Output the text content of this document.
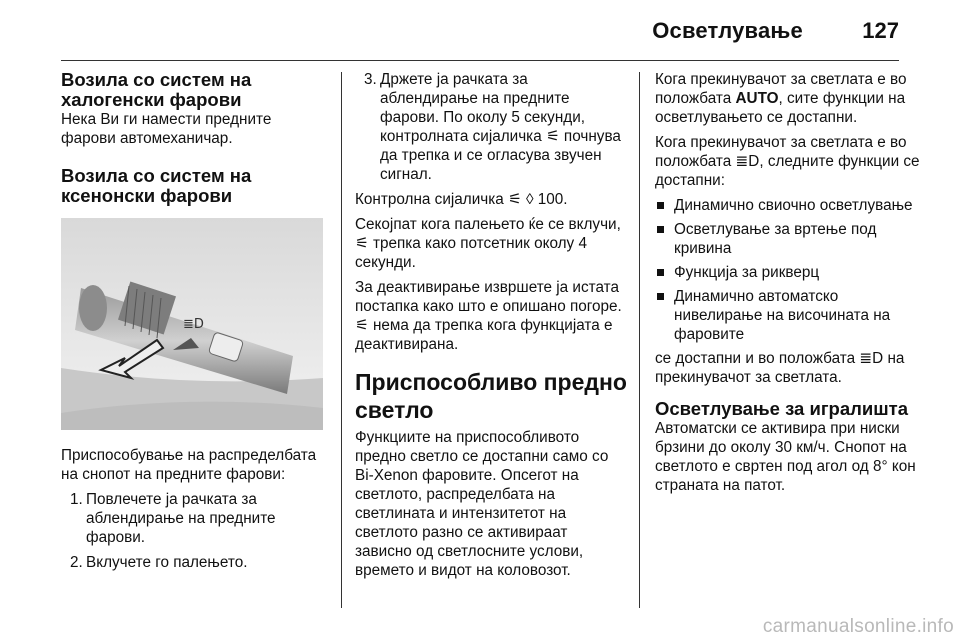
Осветлување	127
Возила со систем на халогенски фарови

Нека Ви ги намести предните фарови автомеханичар.

Возила со систем на ксенонски фарови
≣D

Приспособување на распределбата на снопот на предните фарови:

1. Повлечете ја рачката за аблендирање на предните фарови.
2. Вклучете го палењето.
3. Држете ја рачката за аблендирање на предните фарови. По околу 5 секунди, контролната сијаличка ⚟ почнува да трепка и се огласува звучен сигнал.

Контролна сијаличка ⚟ ◊ 100.

Секојпат кога палењето ќе се вклучи, ⚟ трепка како потсетник околу 4 секунди.

За деактивирање извршете ја истата постапка како што е опишано погоре. ⚟ нема да трепка кога функцијата е деактивирана.

Приспособливо предно светло

Функциите на приспособливото предно светло се достапни само со Bi-Xenon фаровите. Опсегот на светлото, распределбата на светлината и интензитетот на светлото разно се активираат зависно од светлосните услови, времето и видот на коловозот.

Кога прекинувачот за светлата е во положбата AUTO, сите функции на осветлувањето се достапни.

Кога прекинувачот за светлата е во положбата ≣D, следните функции се достапни:

Динамично свиочно осветлување
Осветлување за вртење под кривина
Функција за рикверц
Динамично автоматско нивелирање на височината на фаровите

се достапни и во положбата ≣D на прекинувачот за светлата.

Осветлување за игралишта

Автоматски се активира при ниски брзини до околу 30 км/ч. Снопот на светлото е свртен под агол од 8° кон страната на патот.

carmanualsonline.info
